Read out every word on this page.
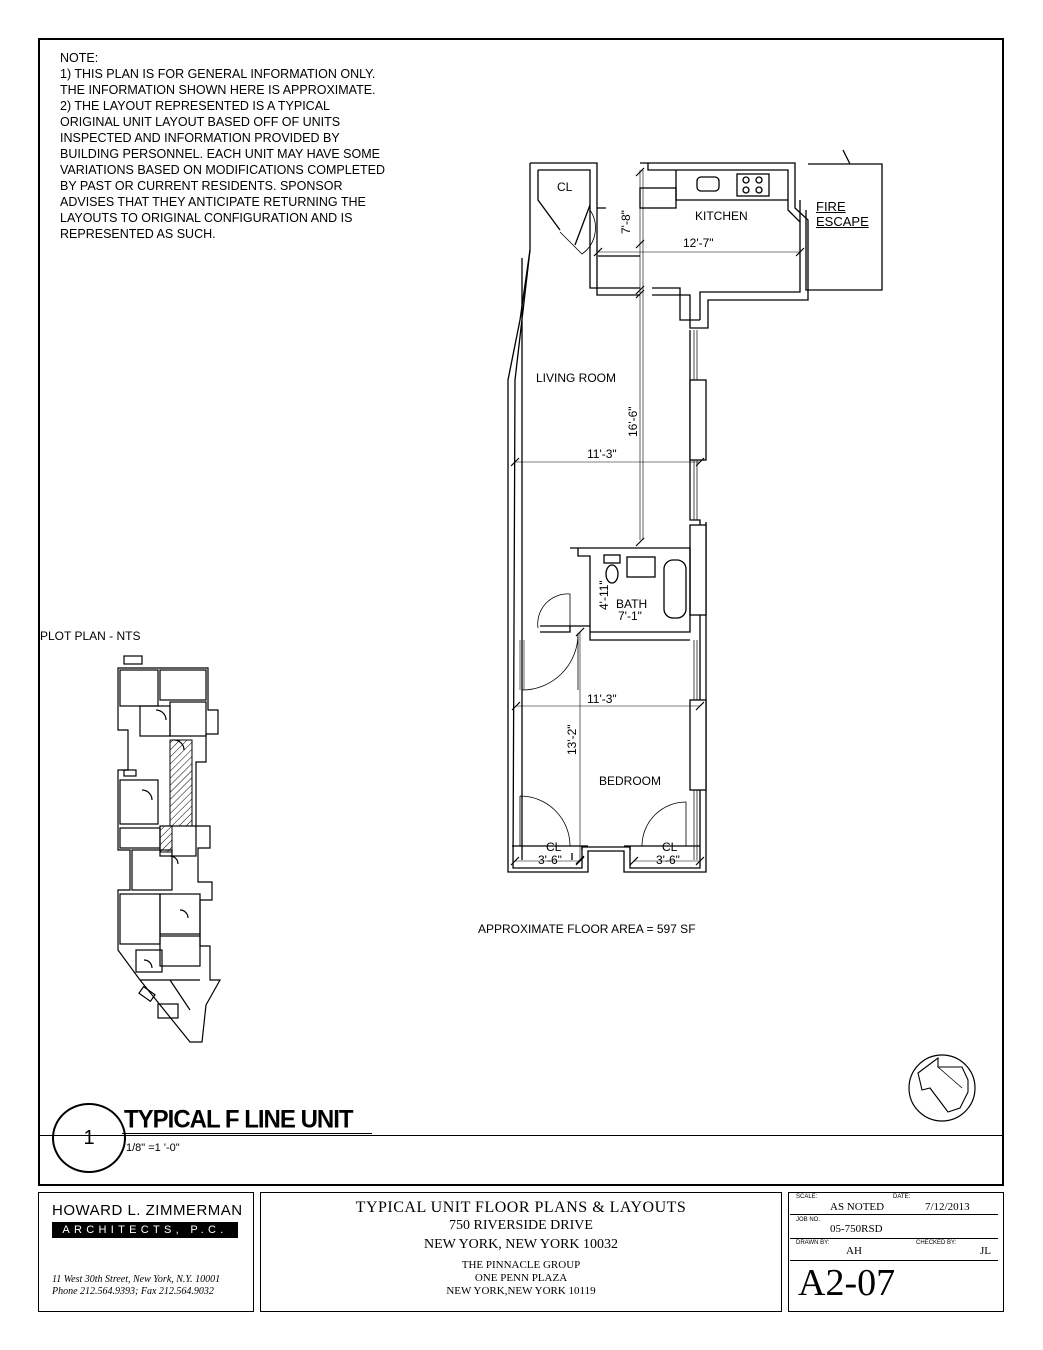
NOTE:
1) THIS PLAN IS FOR GENERAL INFORMATION ONLY. THE INFORMATION SHOWN HERE IS APPROXIMATE.
2) THE LAYOUT REPRESENTED IS A TYPICAL ORIGINAL UNIT LAYOUT BASED OFF OF UNITS INSPECTED AND INFORMATION PROVIDED BY BUILDING PERSONNEL. EACH UNIT MAY HAVE SOME VARIATIONS BASED ON MODIFICATIONS COMPLETED BY PAST OR CURRENT RESIDENTS. SPONSOR ADVISES THAT THEY ANTICIPATE RETURNING THE LAYOUTS TO ORIGINAL CONFIGURATION AND IS REPRESENTED AS SUCH.
CL
KITCHEN
FIRE
ESCAPE
LIVING ROOM
BATH
BEDROOM
CL	CL
7'-8"
12'-7"
16'-6"
11'-3"
4'-11"
7'-1"
11'-3"
13'-2"
3'-6"	3'-6"
APPROXIMATE FLOOR AREA = 597 SF
PLOT PLAN - NTS
1
TYPICAL F LINE UNIT
1/8" =1 '-0"
HOWARD L. ZIMMERMAN
ARCHITECTS, P.C.
11 West 30th Street, New York, N.Y. 10001
Phone 212.564.9393; Fax 212.564.9032
TYPICAL UNIT FLOOR PLANS & LAYOUTS
750 RIVERSIDE DRIVE
NEW YORK, NEW YORK 10032
THE PINNACLE GROUP
ONE PENN PLAZA
NEW YORK,NEW YORK 10119
SCALE:
AS NOTED
DATE:
7/12/2013
JOB NO.
05-750RSD
DRAWN BY:
AH
CHECKED BY:
JL
A2-07
